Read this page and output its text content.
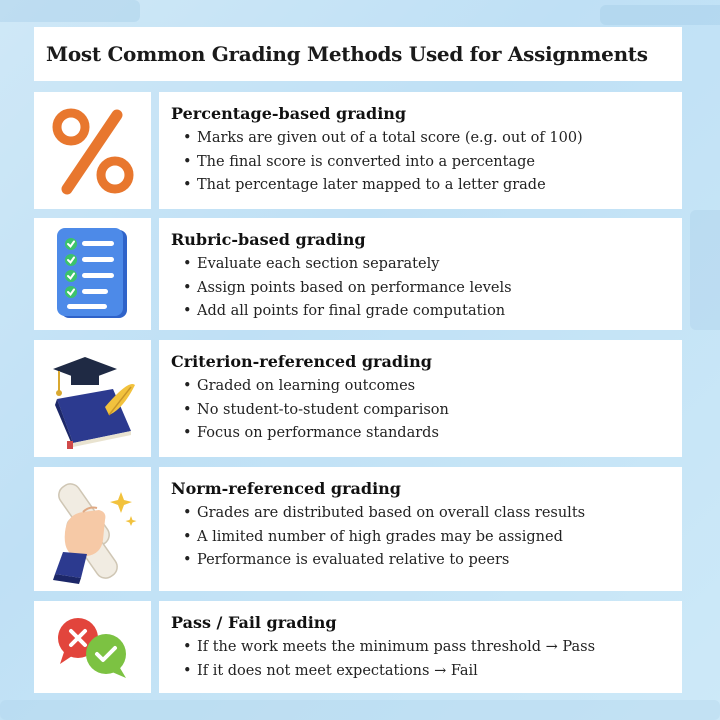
Most Common Grading Methods Used for Assignments
Percentage-based grading
• Marks are given out of a total score (e.g. out of 100)
• The final score is converted into a percentage
• That percentage later mapped to a letter grade
Rubric-based grading
• Evaluate each section separately
• Assign points based on performance levels
• Add all points for final grade computation
Criterion-referenced grading
• Graded on learning outcomes
• No student-to-student comparison
• Focus on performance standards
Norm-referenced grading
• Grades are distributed based on overall class results
• A limited number of high grades may be assigned
• Performance is evaluated relative to peers
Pass / Fail grading
• If the work meets the minimum pass threshold → Pass
• If it does not meet expectations → Fail
